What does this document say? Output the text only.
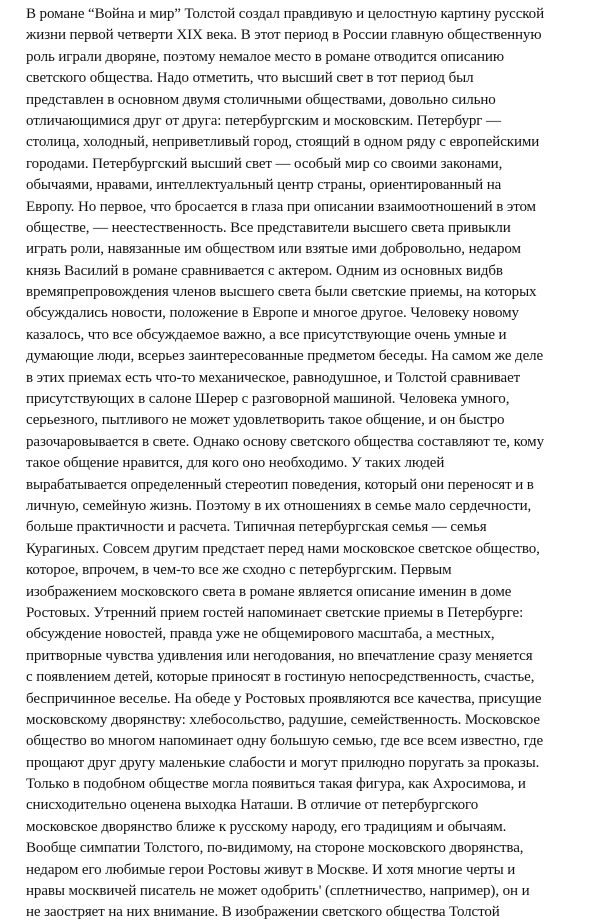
В романе “Война и мир” Толстой создал правдивую и целостную картину русской
жизни первой четверти XIX века. В этот период в России главную общественную
роль играли дворяне, поэтому немалое место в романе отводится описанию
светского общества. Надо отметить, что высший свет в тот период был
представлен в основном двумя столичными обществами, довольно сильно
отличающимися друг от друга: петербургским и московским. Петербург —
столица, холодный, неприветливый город, стоящий в одном ряду с европейскими
городами. Петербургский высший свет — особый мир со своими законами,
обычаями, нравами, интеллектуальный центр страны, ориентированный на
Европу. Но первое, что бросается в глаза при описании взаимоотношений в этом
обществе, — неестественность. Все представители высшего света привыкли
играть роли, навязанные им обществом или взятые ими добровольно, недаром
князь Василий в романе сравнивается с актером. Одним из основных видбв
времяпрепровождения членов высшего света были светские приемы, на которых
обсуждались новости, положение в Европе и многое другое. Человеку новому
казалось, что все обсуждаемое важно, а все присутствующие очень умные и
думающие люди, всерьез заинтересованные предметом беседы. На самом же деле
в этих приемах есть что-то механическое, равнодушное, и Толстой сравнивает
присутствующих в салоне Шерер с разговорной машиной. Человека умного,
серьезного, пытливого не может удовлетворить такое общение, и он быстро
разочаровывается в свете. Однако основу светского общества составляют те, кому
такое общение нравится, для кого оно необходимо. У таких людей
вырабатывается определенный стереотип поведения, который они переносят и в
личную, семейную жизнь. Поэтому в их отношениях в семье мало сердечности,
больше практичности и расчета. Типичная петербургская семья — семья
Курагиных. Совсем другим предстает перед нами московское светское общество,
которое, впрочем, в чем-то все же сходно с петербургским. Первым
изображением московского света в романе является описание именин в доме
Ростовых. Утренний прием гостей напоминает светские приемы в Петербурге:
обсуждение новостей, правда уже не общемирового масштаба, а местных,
притворные чувства удивления или негодования, но впечатление сразу меняется
с появлением детей, которые приносят в гостиную непосредственность, счастье,
беспричинное веселье. На обеде у Ростовых проявляются все качества, присущие
московскому дворянству: хлебосольство, радушие, семейственность. Московское
общество во многом напоминает одну большую семью, где все всем известно, где
прощают друг другу маленькие слабости и могут прилюдно поругать за проказы.
Только в подобном обществе могла появиться такая фигура, как Ахросимова, и
снисходительно оценена выходка Наташи. В отличие от петербургского
московское дворянство ближе к русскому народу, его традициям и обычаям.
Вообще симпатии Толстого, по-видимому, на стороне московского дворянства,
недаром его любимые герои Ростовы живут в Москве. И хотя многие черты и
нравы москвичей писатель не может одобрить' (сплетничество, например), он и
не заостряет на них внимание. В изображении светского общества Толстой
